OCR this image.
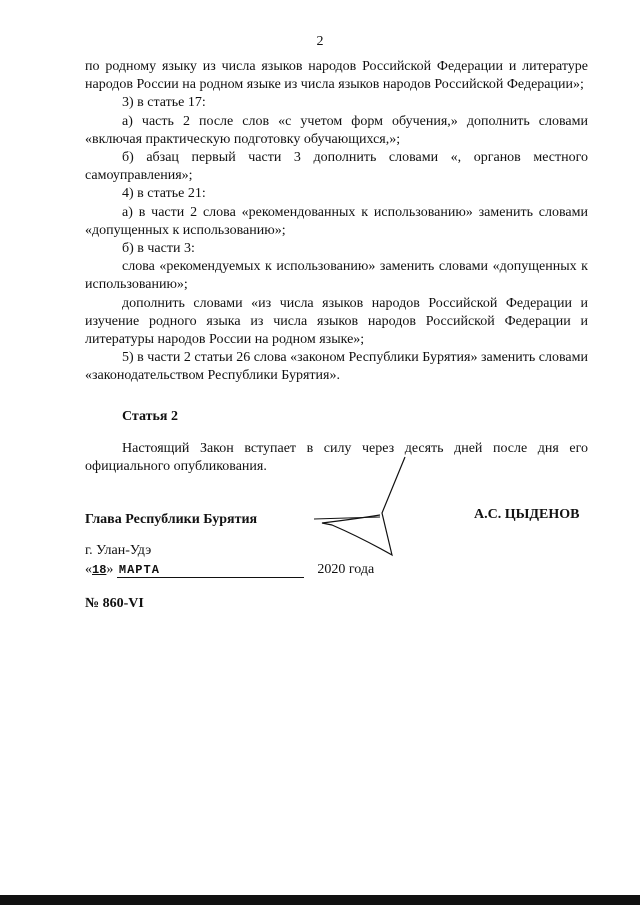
2

по родному языку из числа языков народов Российской Федерации и литературе народов России на родном языке из числа языков народов Российской Федерации»;

3) в статье 17:

а) часть 2 после слов «с учетом форм обучения,» дополнить словами «включая практическую подготовку обучающихся,»;

б) абзац первый части 3 дополнить словами «, органов местного самоуправления»;

4) в статье 21:

а) в части 2 слова «рекомендованных к использованию» заменить словами «допущенных к использованию»;

б) в части 3:

слова «рекомендуемых к использованию» заменить словами «допущенных к использованию»;

дополнить словами «из числа языков народов Российской Федерации и изучение родного языка из числа языков народов Российской Федерации и литературы народов России на родном языке»;

5) в части 2 статьи 26 слова «законом Республики Бурятия» заменить словами «законодательством Республики Бурятия».

Статья 2

Настоящий Закон вступает в силу через десять дней после дня его официального опубликования.

Глава Республики Бурятия	А.С. ЦЫДЕНОВ
г. Улан-Удэ
«18» МАРТА	2020 года
№ 860-VI
